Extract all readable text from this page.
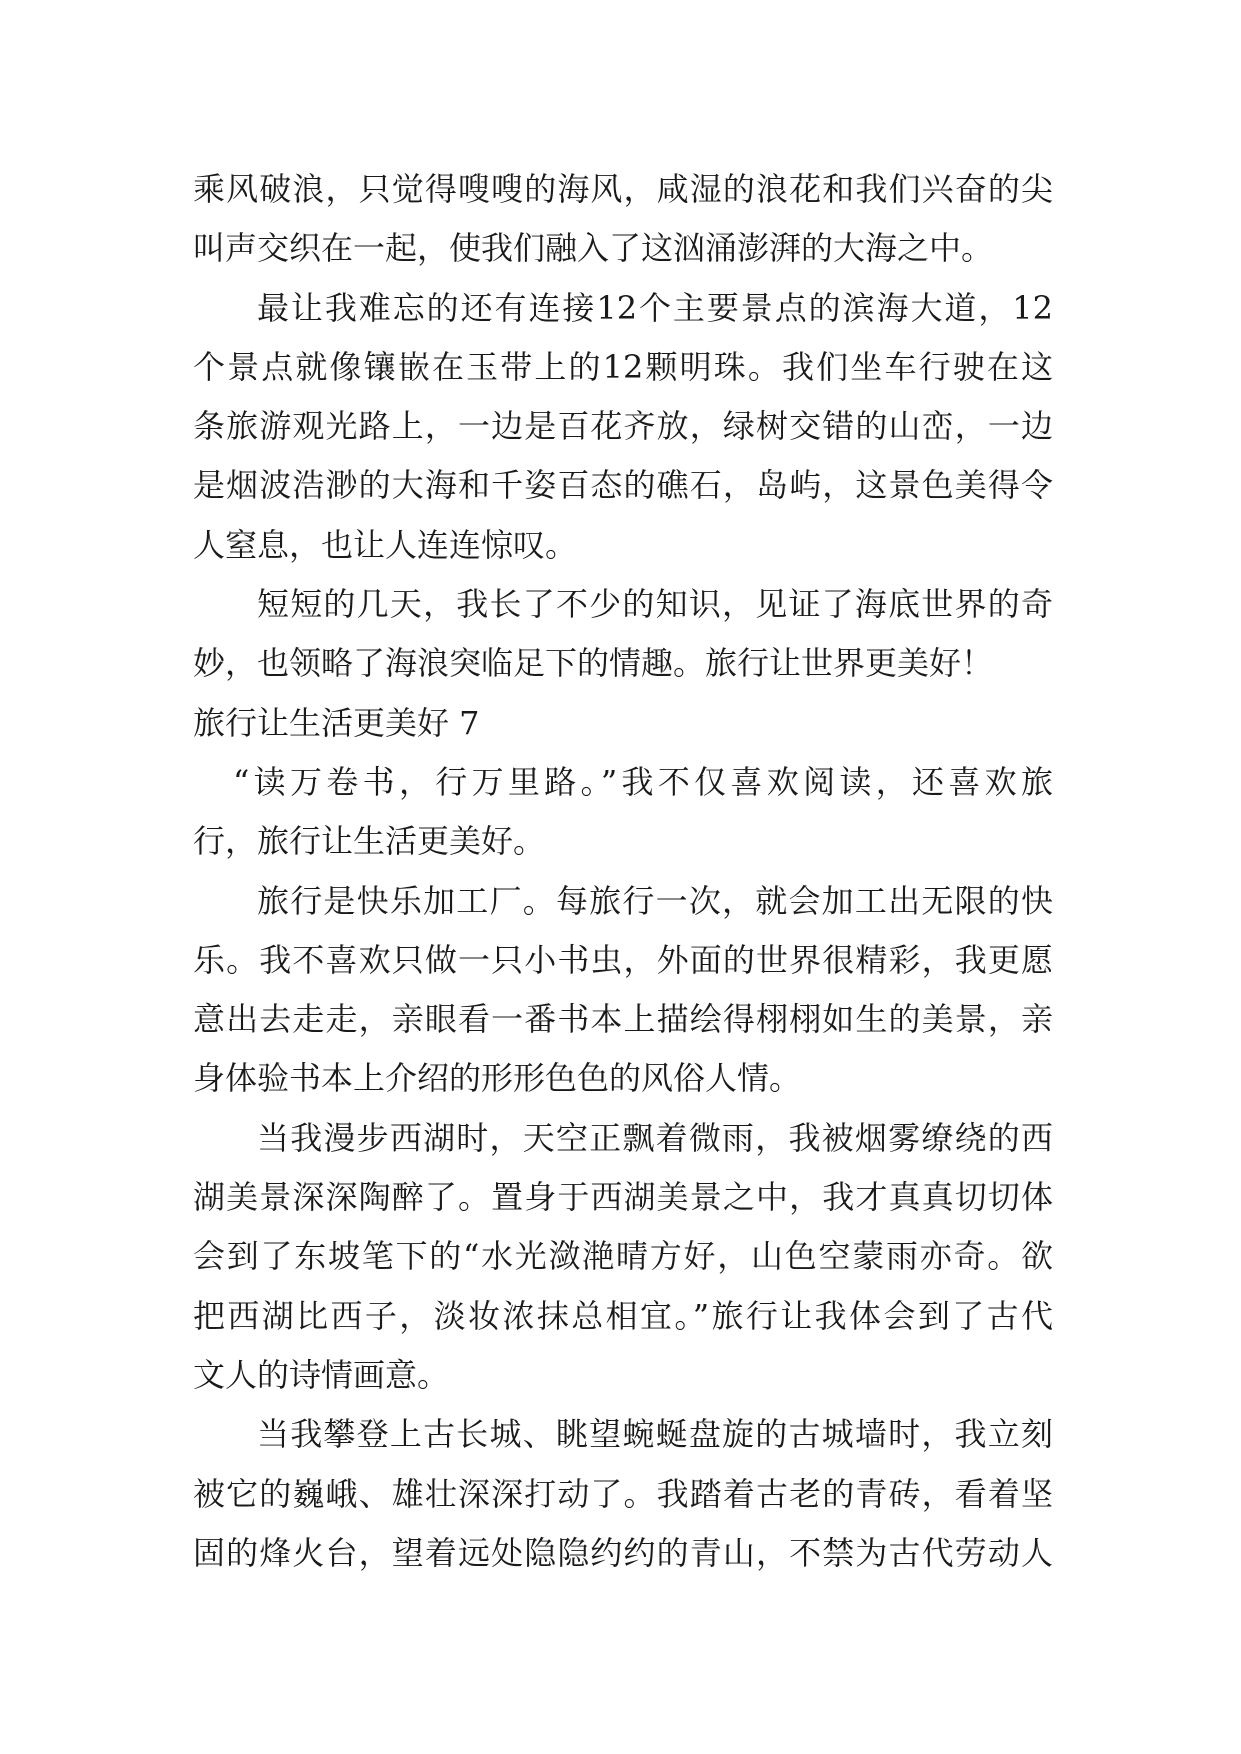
乘风破浪，只觉得嗖嗖的海风，咸湿的浪花和我们兴奋的尖
叫声交织在一起，使我们融入了这汹涌澎湃的大海之中。
最让我难忘的还有连接12个主要景点的滨海大道，12
个景点就像镶嵌在玉带上的12颗明珠。我们坐车行驶在这
条旅游观光路上，一边是百花齐放，绿树交错的山峦，一边
是烟波浩渺的大海和千姿百态的礁石，岛屿，这景色美得令
人窒息，也让人连连惊叹。
短短的几天，我长了不少的知识，见证了海底世界的奇
妙，也领略了海浪突临足下的情趣。旅行让世界更美好！
旅行让生活更美好 7
“读万卷书，行万里路。”我不仅喜欢阅读，还喜欢旅
行，旅行让生活更美好。
旅行是快乐加工厂。每旅行一次，就会加工出无限的快
乐。我不喜欢只做一只小书虫，外面的世界很精彩，我更愿
意出去走走，亲眼看一番书本上描绘得栩栩如生的美景，亲
身体验书本上介绍的形形色色的风俗人情。
当我漫步西湖时，天空正飘着微雨，我被烟雾缭绕的西
湖美景深深陶醉了。置身于西湖美景之中，我才真真切切体
会到了东坡笔下的“水光潋滟晴方好，山色空蒙雨亦奇。欲
把西湖比西子，淡妆浓抹总相宜。”旅行让我体会到了古代
文人的诗情画意。
当我攀登上古长城、眺望蜿蜒盘旋的古城墙时，我立刻
被它的巍峨、雄壮深深打动了。我踏着古老的青砖，看着坚
固的烽火台，望着远处隐隐约约的青山，不禁为古代劳动人
